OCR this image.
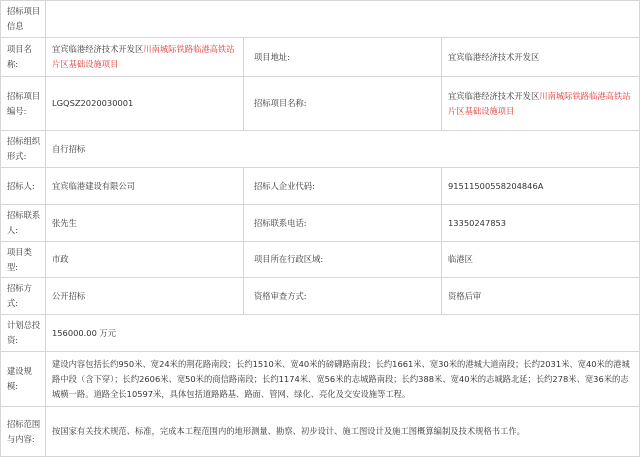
招标项目信息			
项目名称:	宜宾临港经济技术开发区川南城际铁路临港高铁站片区基础设施项目	项目地址:	宜宾临港经济技术开发区
招标项目编号:	LGQSZ2020030001	招标项目名称:	宜宾临港经济技术开发区川南城际铁路临港高铁站片区基础设施项目
招标组织形式:	自行招标		
招标人:	宜宾临港建设有限公司	招标人企业代码:	91511500558204846A
招标联系人:	张先生	招标联系电话:	13350247853
项目类型:	市政	项目所在行政区域:	临港区
招标方式:	公开招标	资格审查方式:	资格后审
计划总投资:	156000.00 万元		
建设规模:	建设内容包括长约950米、宽24米的荆花路南段；长约1510米、宽40米的磅礴路南段；长约1661米、宽30米的港城大道南段；长约2031米、宽40米的港城路中段（含下穿）；长约2606米、宽50米的商信路南段；长约1174米、宽56米的志城路南段；长约388米、宽40米的志城路北延；长约278米、宽36米的志城横一路。道路全长10597米，具体包括道路路基、路面、管网、绿化、亮化及交安设施等工程。		
招标范围与内容:	按国家有关技术规范、标准，完成本工程范围内的地形测量、勘察、初步设计、施工图设计及施工图概算编制及技术规格书工作。		
